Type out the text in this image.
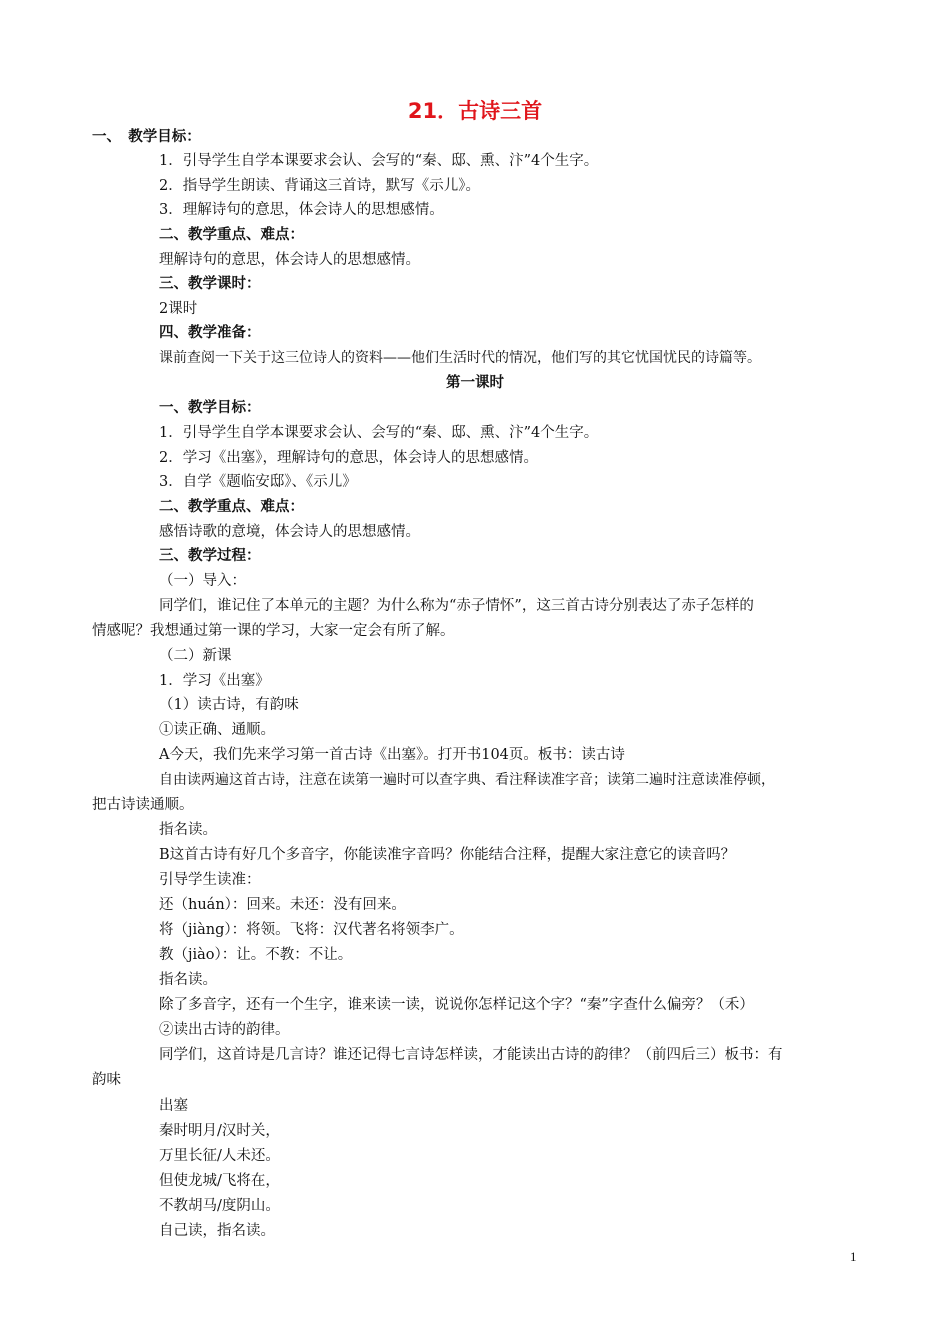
21．古诗三首
一、　教学目标：
1．引导学生自学本课要求会认、会写的“秦、邸、熏、汴”4个生字。
2．指导学生朗读、背诵这三首诗，默写《示儿》。
3．理解诗句的意思，体会诗人的思想感情。
二、教学重点、难点：
理解诗句的意思，体会诗人的思想感情。
三、教学课时：
2课时
四、教学准备：
课前查阅一下关于这三位诗人的资料——他们生活时代的情况，他们写的其它忧国忧民的诗篇等。
第一课时
一、教学目标：
1．引导学生自学本课要求会认、会写的“秦、邸、熏、汴”4个生字。
2．学习《出塞》，理解诗句的意思，体会诗人的思想感情。
3．自学《题临安邸》、《示儿》
二、教学重点、难点：
感悟诗歌的意境，体会诗人的思想感情。
三、教学过程：
（一）导入：
同学们，谁记住了本单元的主题？为什么称为“赤子情怀”，这三首古诗分别表达了赤子怎样的
情感呢？我想通过第一课的学习，大家一定会有所了解。
（二）新课
1．学习《出塞》
（1）读古诗，有韵味
①读正确、通顺。
A今天，我们先来学习第一首古诗《出塞》。打开书104页。板书：读古诗
自由读两遍这首古诗，注意在读第一遍时可以查字典、看注释读准字音；读第二遍时注意读准停顿，
把古诗读通顺。
指名读。
B这首古诗有好几个多音字，你能读准字音吗？你能结合注释，提醒大家注意它的读音吗？
引导学生读准：
还（huán）：回来。未还：没有回来。
将（jiàng）：将领。飞将：汉代著名将领李广。
教（jiào）：让。不教：不让。
指名读。
除了多音字，还有一个生字，谁来读一读，说说你怎样记这个字？“秦”字查什么偏旁？（禾）
②读出古诗的韵律。
同学们，这首诗是几言诗？谁还记得七言诗怎样读，才能读出古诗的韵律？（前四后三）板书：有
韵味
出塞
秦时明月/汉时关，
万里长征/人未还。
但使龙城/飞将在，
不教胡马/度阴山。
自己读，指名读。
1
